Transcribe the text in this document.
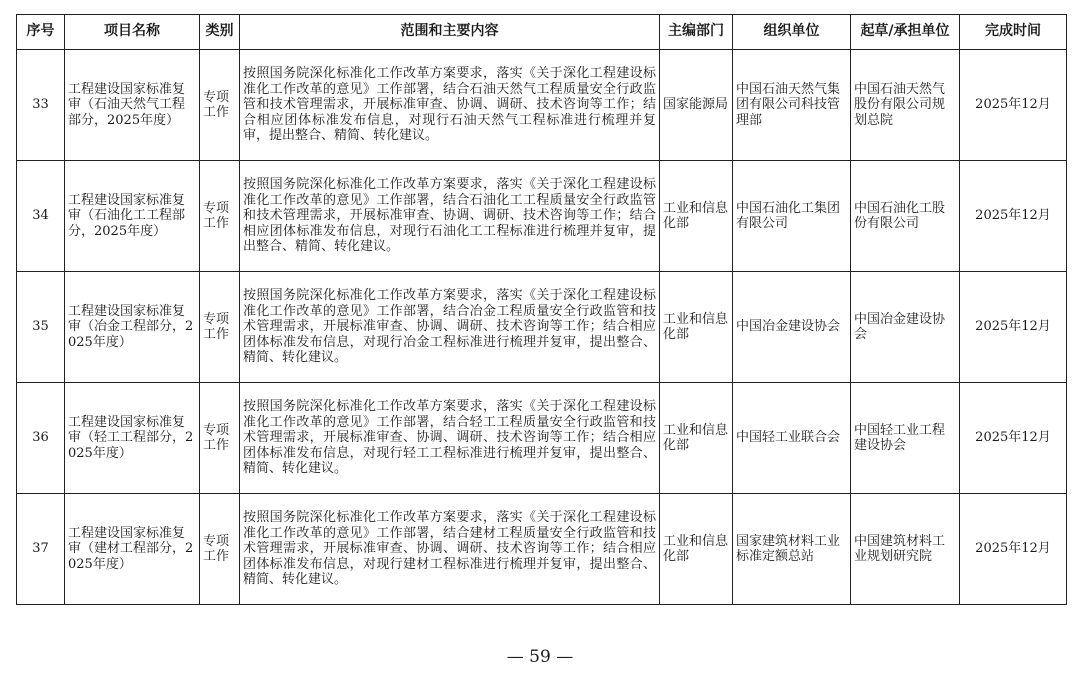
序号	项目名称	类别	范围和主要内容	主编部门	组织单位	起草/承担单位	完成时间
33	工程建设国家标准复审（石油天然气工程部分，2025年度）	专项工作	按照国务院深化标准化工作改革方案要求，落实《关于深化工程建设标准化工作改革的意见》工作部署，结合石油天然气工程质量安全行政监管和技术管理需求，开展标准审查、协调、调研、技术咨询等工作；结合相应团体标准发布信息，对现行石油天然气工程标准进行梳理并复审，提出整合、精简、转化建议。	国家能源局	中国石油天然气集团有限公司科技管理部	中国石油天然气股份有限公司规划总院	2025年12月
34	工程建设国家标准复审（石油化工工程部分，2025年度）	专项工作	按照国务院深化标准化工作改革方案要求，落实《关于深化工程建设标准化工作改革的意见》工作部署，结合石油化工工程质量安全行政监管和技术管理需求，开展标准审查、协调、调研、技术咨询等工作；结合相应团体标准发布信息，对现行石油化工工程标准进行梳理并复审，提出整合、精简、转化建议。	工业和信息化部	中国石油化工集团有限公司	中国石油化工股份有限公司	2025年12月
35	工程建设国家标准复审（冶金工程部分，2025年度）	专项工作	按照国务院深化标准化工作改革方案要求，落实《关于深化工程建设标准化工作改革的意见》工作部署，结合冶金工程质量安全行政监管和技术管理需求，开展标准审查、协调、调研、技术咨询等工作；结合相应团体标准发布信息，对现行冶金工程标准进行梳理并复审，提出整合、精简、转化建议。	工业和信息化部	中国冶金建设协会	中国冶金建设协会	2025年12月
36	工程建设国家标准复审（轻工工程部分，2025年度）	专项工作	按照国务院深化标准化工作改革方案要求，落实《关于深化工程建设标准化工作改革的意见》工作部署，结合轻工工程质量安全行政监管和技术管理需求，开展标准审查、协调、调研、技术咨询等工作；结合相应团体标准发布信息，对现行轻工工程标准进行梳理并复审，提出整合、精简、转化建议。	工业和信息化部	中国轻工业联合会	中国轻工业工程建设协会	2025年12月
37	工程建设国家标准复审（建材工程部分，2025年度）	专项工作	按照国务院深化标准化工作改革方案要求，落实《关于深化工程建设标准化工作改革的意见》工作部署，结合建材工程质量安全行政监管和技术管理需求，开展标准审查、协调、调研、技术咨询等工作；结合相应团体标准发布信息，对现行建材工程标准进行梳理并复审，提出整合、精简、转化建议。	工业和信息化部	国家建筑材料工业标准定额总站	中国建筑材料工业规划研究院	2025年12月
— 59 —
